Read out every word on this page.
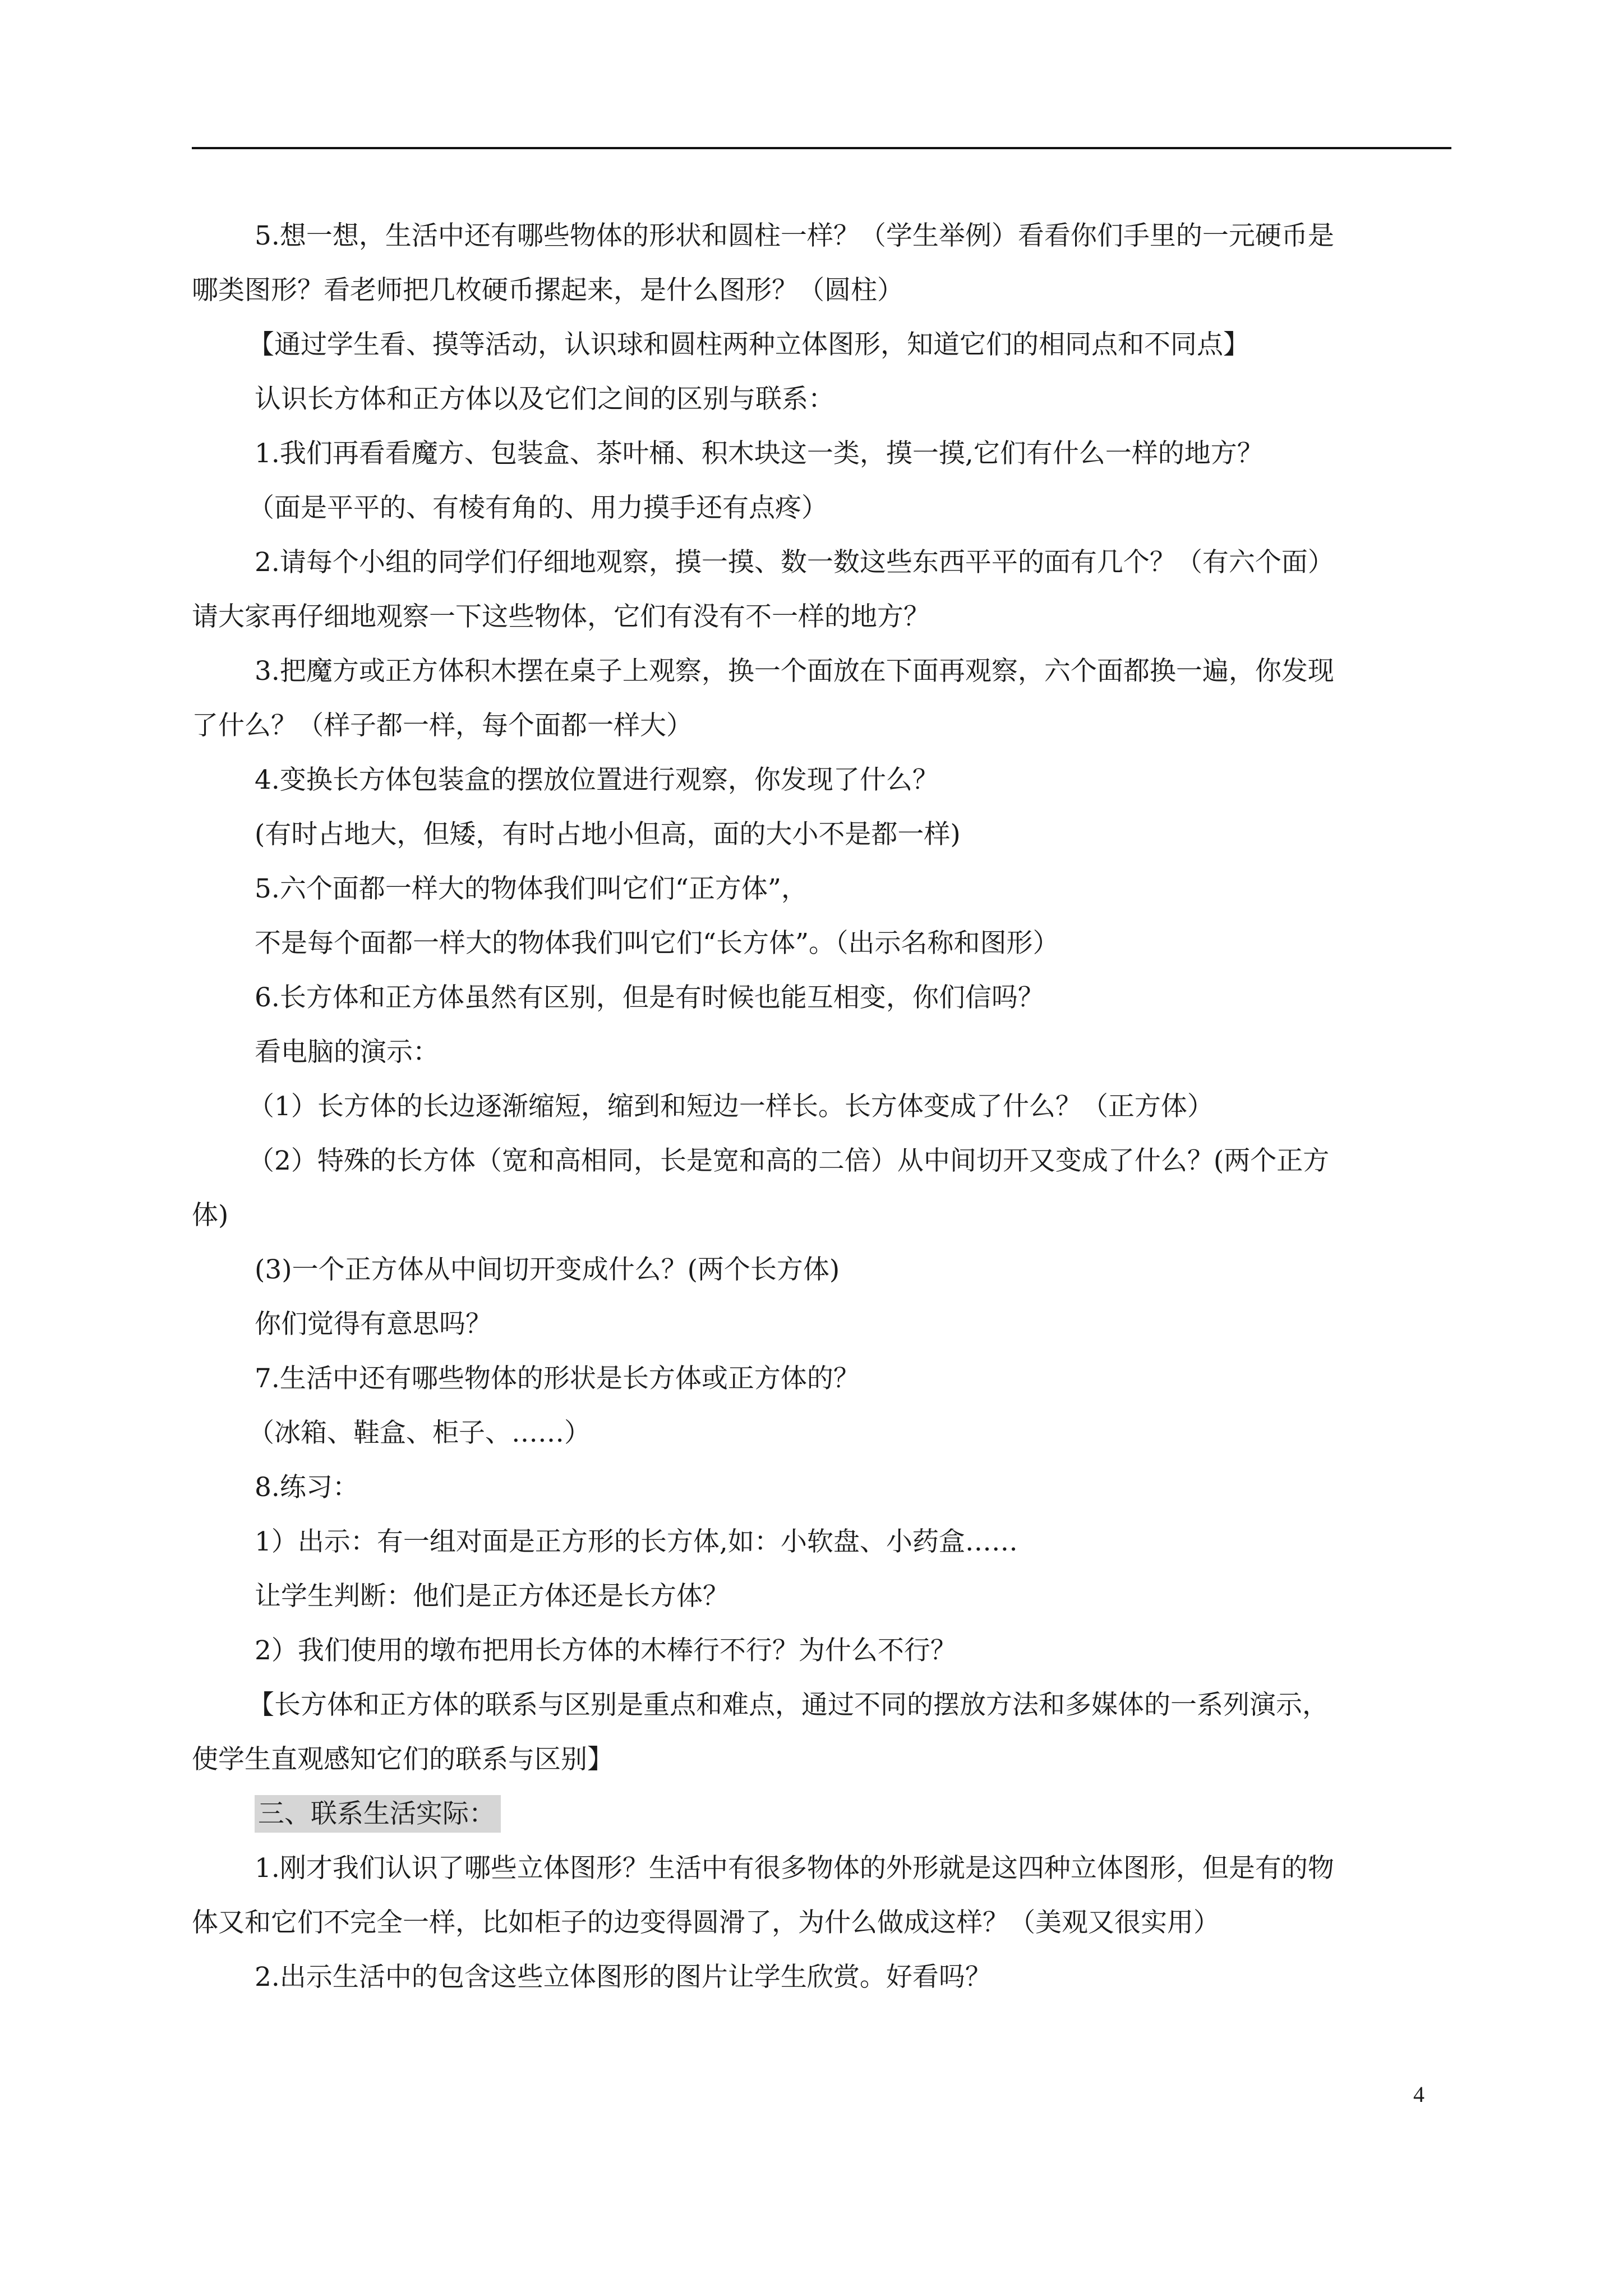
5.想一想，生活中还有哪些物体的形状和圆柱一样？（学生举例）看看你们手里的一元硬币是

哪类图形？看老师把几枚硬币摞起来，是什么图形？（圆柱）

【通过学生看、摸等活动，认识球和圆柱两种立体图形，知道它们的相同点和不同点】

认识长方体和正方体以及它们之间的区别与联系：

1.我们再看看魔方、包装盒、茶叶桶、积木块这一类，摸一摸,它们有什么一样的地方？

（面是平平的、有棱有角的、用力摸手还有点疼）

2.请每个小组的同学们仔细地观察，摸一摸、数一数这些东西平平的面有几个？（有六个面）

请大家再仔细地观察一下这些物体，它们有没有不一样的地方？

3.把魔方或正方体积木摆在桌子上观察，换一个面放在下面再观察，六个面都换一遍，你发现

了什么？（样子都一样，每个面都一样大）

4.变换长方体包装盒的摆放位置进行观察，你发现了什么？

(有时占地大，但矮，有时占地小但高，面的大小不是都一样)

5.六个面都一样大的物体我们叫它们“正方体”，

不是每个面都一样大的物体我们叫它们“长方体”。（出示名称和图形）

6.长方体和正方体虽然有区别，但是有时候也能互相变，你们信吗？

看电脑的演示：

（1）长方体的长边逐渐缩短，缩到和短边一样长。长方体变成了什么？（正方体）

（2）特殊的长方体（宽和高相同，长是宽和高的二倍）从中间切开又变成了什么？(两个正方

体)

(3)一个正方体从中间切开变成什么？(两个长方体)

你们觉得有意思吗？

7.生活中还有哪些物体的形状是长方体或正方体的？

（冰箱、鞋盒、柜子、……）

8.练习：

1）出示：有一组对面是正方形的长方体,如：小软盘、小药盒……

让学生判断：他们是正方体还是长方体？

2）我们使用的墩布把用长方体的木棒行不行？为什么不行？

【长方体和正方体的联系与区别是重点和难点，通过不同的摆放方法和多媒体的一系列演示，

使学生直观感知它们的联系与区别】

三、联系生活实际：

1.刚才我们认识了哪些立体图形？生活中有很多物体的外形就是这四种立体图形，但是有的物

体又和它们不完全一样，比如柜子的边变得圆滑了，为什么做成这样？（美观又很实用）

2.出示生活中的包含这些立体图形的图片让学生欣赏。好看吗？

4
